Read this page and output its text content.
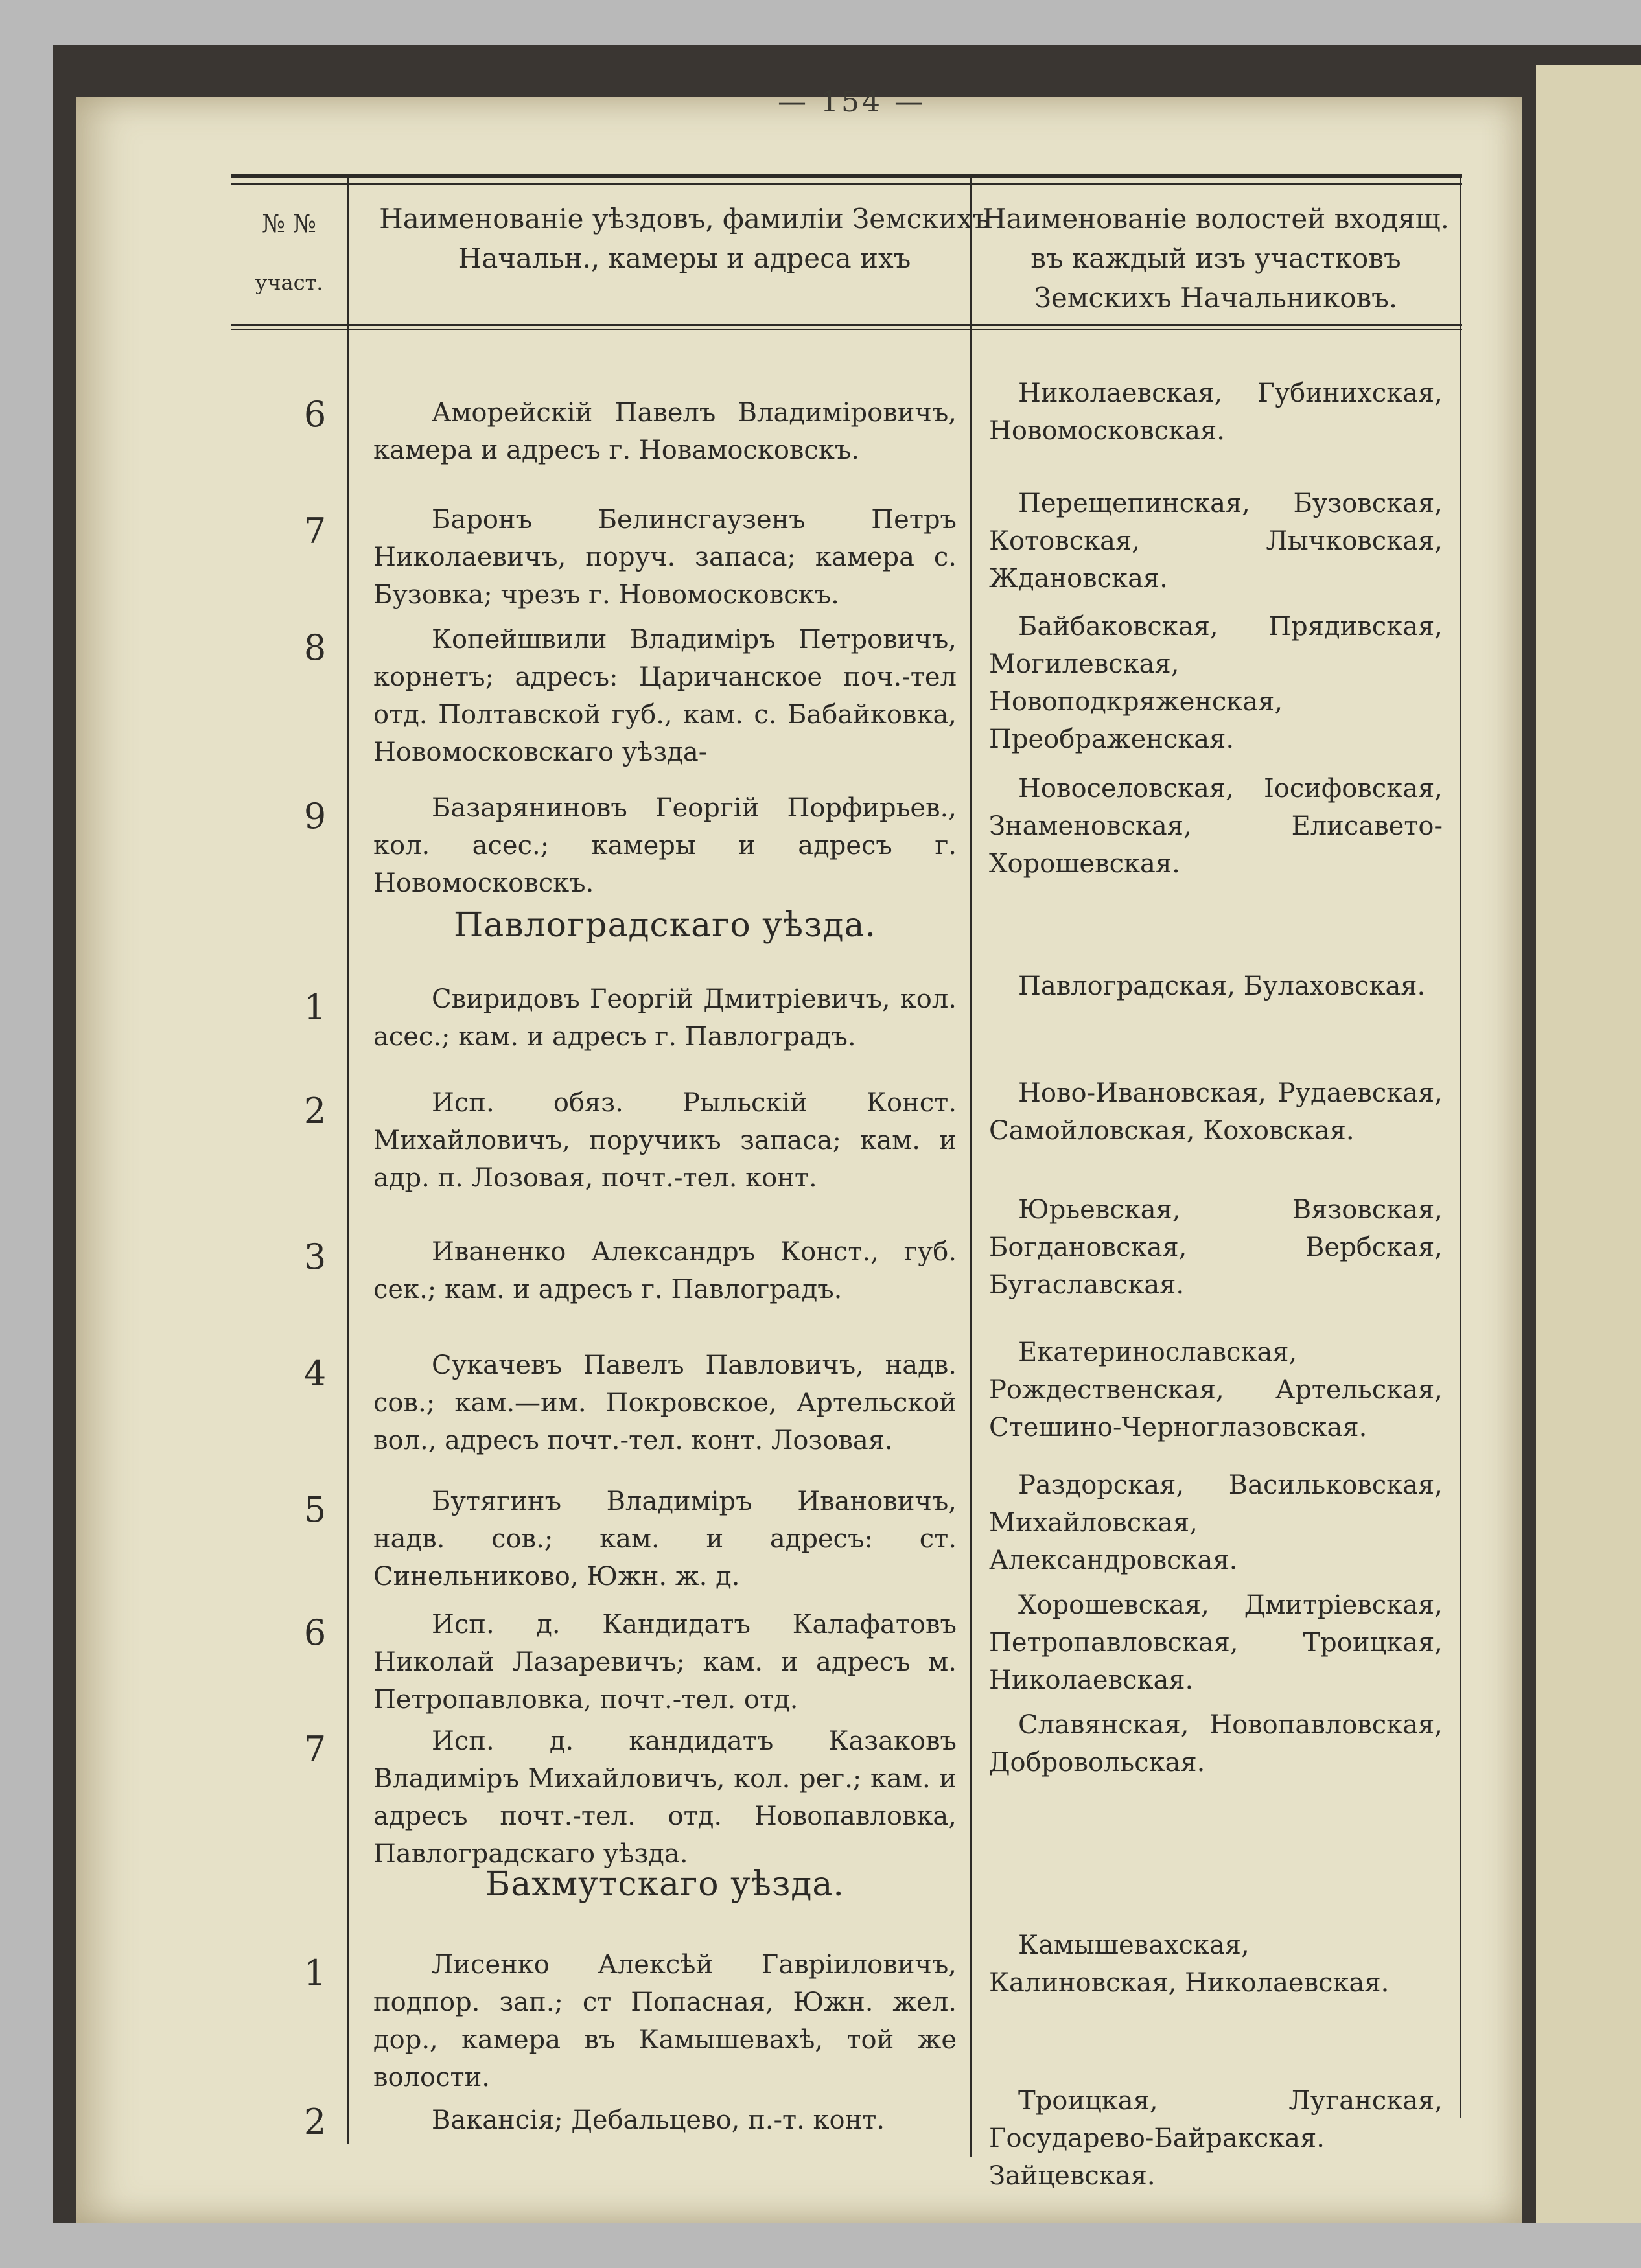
— 154 —
№ №
участ.
Наименованіе уѣздовъ, фамиліи Земскихъ Начальн., камеры и адреса ихъ
Наименованіе волостей входящ. въ каждый изъ участковъ Земскихъ Начальниковъ.
6	Аморейскій Павелъ Владиміровичъ, камера и адресъ г. Новамосковскъ.
Николаевская, Губинихская, Новомосковская.
7	Баронъ Белинсгаузенъ Петръ Николаевичъ, поруч. запаса; камера с. Бузовка; чрезъ г. Новомосковскъ.
Перещепинская, Бузовская, Котовская, Лычковская, Ждановская.
8	Копейшвили Владиміръ Петровичъ, корнетъ; адресъ: Царичанское поч.-тел отд. Полтавской губ., кам. с. Бабайковка, Новомосковскаго уѣзда-
Байбаковская, Прядивская, Могилевская, Новоподкряженская, Преображенская.
9	Базаряниновъ Георгій Порфирьев., кол. асес.; камеры и адресъ г. Новомосковскъ.
Новоселовская, Іосифовская, Знаменовская, Елисавето-Хорошевская.
Павлоградскаго уѣзда.
1	Свиридовъ Георгій Дмитріевичъ, кол. асес.; кам. и адресъ г. Павлоградъ.
Павлоградская, Булаховская.
2	Исп. обяз. Рыльскій Конст. Михайловичъ, поручикъ запаса; кам. и адр. п. Лозовая, почт.-тел. конт.
Ново-Ивановская, Рудаевская, Самойловская, Коховская.
3	Иваненко Александръ Конст., губ. сек.; кам. и адресъ г. Павлоградъ.
Юрьевская, Вязовская, Богдановская, Вербская, Бугаславская.
4	Сукачевъ Павелъ Павловичъ, надв. сов.; кам.—им. Покровское, Артельской вол., адресъ почт.-тел. конт. Лозовая.
Екатеринославская, Рождественская, Артельская, Стешино-Черноглазовская.
5	Бутягинъ Владиміръ Ивановичъ, надв. сов.; кам. и адресъ: ст. Синельниково, Южн. ж. д.
Раздорская, Васильковская, Михайловская, Александровская.
6	Исп. д. Кандидатъ Калафатовъ Николай Лазаревичъ; кам. и адресъ м. Петропавловка, почт.-тел. отд.
Хорошевская, Дмитріевская, Петропавловская, Троицкая, Николаевская.
7	Исп. д. кандидатъ Казаковъ Владиміръ Михайловичъ, кол. рег.; кам. и адресъ почт.-тел. отд. Новопавловка, Павлоградскаго уѣзда.
Славянская, Новопавловская, Добровольская.
Бахмутскаго уѣзда.
1	Лисенко Алексѣй Гавріиловичъ, подпор. зап.; ст Попасная, Южн. жел. дор., камера въ Камышевахѣ, той же волости.
Камышевахская, Калиновская, Николаевская.
2	Вакансія; Дебальцево, п.-т. конт.
Троицкая, Луганская, Государево-Байракская. Зайцевская.
